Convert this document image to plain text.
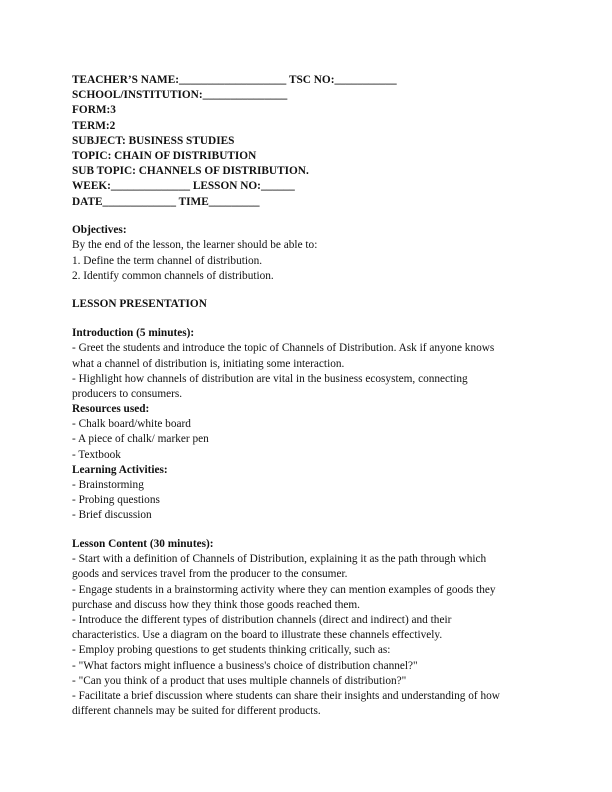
TEACHER’S NAME:___________________ TSC NO:___________
SCHOOL/INSTITUTION:_______________
FORM:3
TERM:2
SUBJECT: BUSINESS STUDIES
TOPIC: CHAIN OF DISTRIBUTION
SUB TOPIC: CHANNELS OF DISTRIBUTION.
WEEK:______________ LESSON NO:______
DATE_____________ TIME_________
Objectives:
By the end of the lesson, the learner should be able to:
1. Define the term channel of distribution.
2. Identify common channels of distribution.
LESSON PRESENTATION
Introduction (5 minutes):
- Greet the students and introduce the topic of Channels of Distribution. Ask if anyone knows
what a channel of distribution is, initiating some interaction.
- Highlight how channels of distribution are vital in the business ecosystem, connecting
producers to consumers.
Resources used:
- Chalk board/white board
- A piece of chalk/ marker pen
- Textbook
Learning Activities:
- Brainstorming
- Probing questions
- Brief discussion
Lesson Content (30 minutes):
- Start with a definition of Channels of Distribution, explaining it as the path through which
goods and services travel from the producer to the consumer.
- Engage students in a brainstorming activity where they can mention examples of goods they
purchase and discuss how they think those goods reached them.
- Introduce the different types of distribution channels (direct and indirect) and their
characteristics. Use a diagram on the board to illustrate these channels effectively.
- Employ probing questions to get students thinking critically, such as:
- "What factors might influence a business's choice of distribution channel?"
- "Can you think of a product that uses multiple channels of distribution?"
- Facilitate a brief discussion where students can share their insights and understanding of how
different channels may be suited for different products.
